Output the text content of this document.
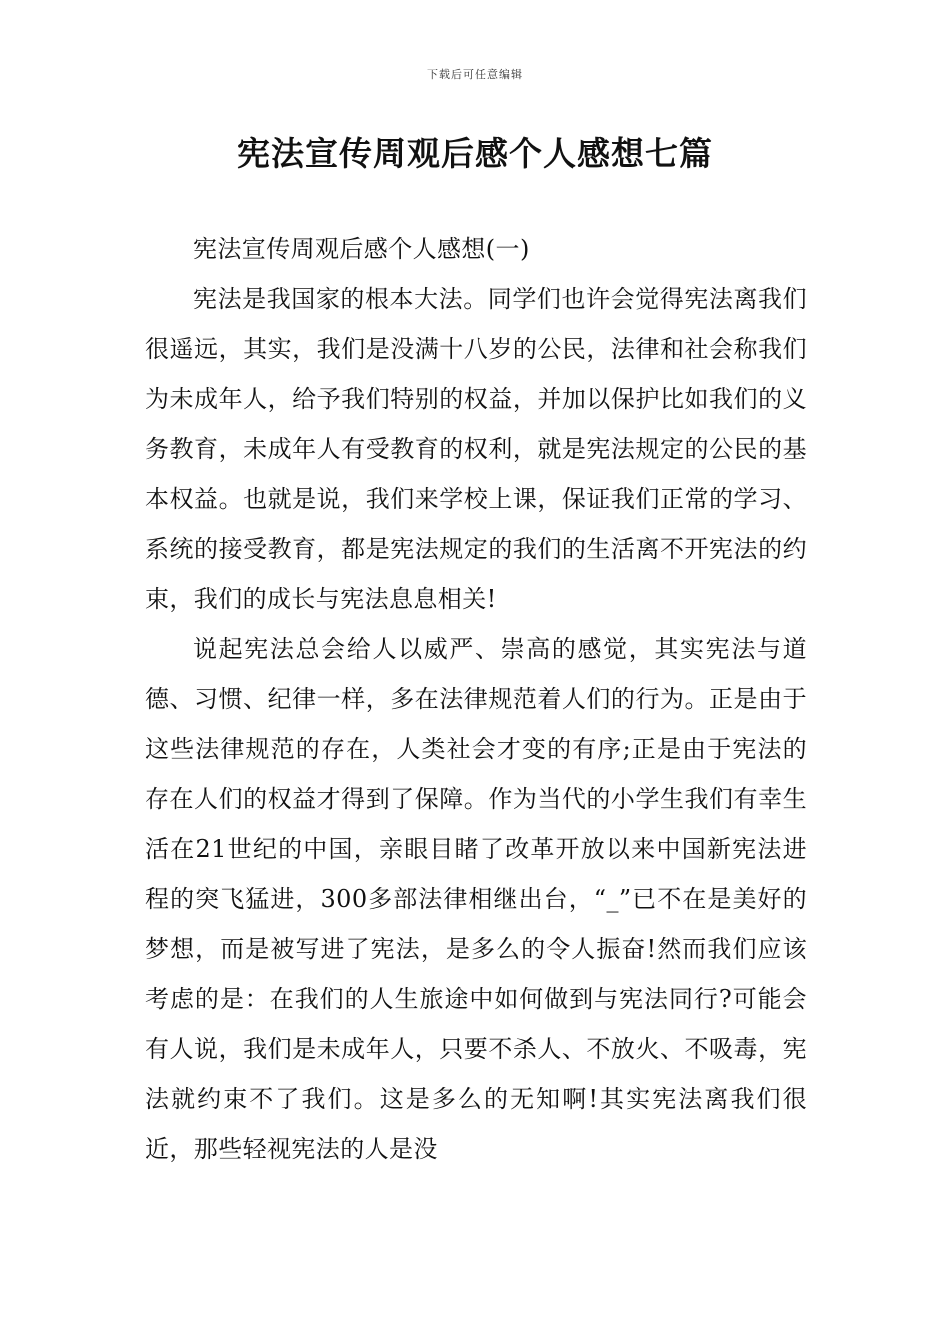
下载后可任意编辑
宪法宣传周观后感个人感想七篇

宪法宣传周观后感个人感想(一)

宪法是我国家的根本大法。同学们也许会觉得宪法离我们很遥远，其实，我们是没满十八岁的公民，法律和社会称我们为未成年人，给予我们特别的权益，并加以保护比如我们的义务教育，未成年人有受教育的权利，就是宪法规定的公民的基本权益。也就是说，我们来学校上课，保证我们正常的学习、系统的接受教育，都是宪法规定的我们的生活离不开宪法的约束，我们的成长与宪法息息相关!

说起宪法总会给人以威严、崇高的感觉，其实宪法与道德、习惯、纪律一样，多在法律规范着人们的行为。正是由于这些法律规范的存在，人类社会才变的有序;正是由于宪法的存在人们的权益才得到了保障。作为当代的小学生我们有幸生活在21世纪的中国，亲眼目睹了改革开放以来中国新宪法进程的突飞猛进，300多部法律相继出台，“_”已不在是美好的梦想，而是被写进了宪法，是多么的令人振奋!然而我们应该考虑的是：在我们的人生旅途中如何做到与宪法同行?可能会有人说，我们是未成年人，只要不杀人、不放火、不吸毒，宪法就约束不了我们。这是多么的无知啊!其实宪法离我们很近，那些轻视宪法的人是没
